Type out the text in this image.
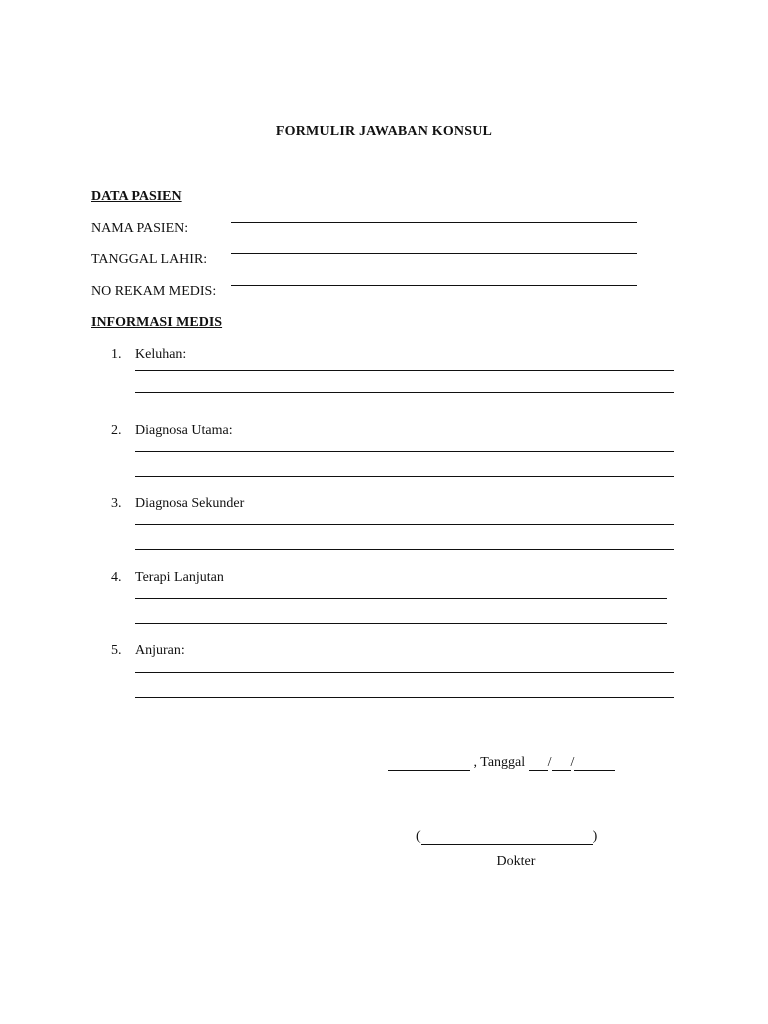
FORMULIR JAWABAN KONSUL
DATA PASIEN
NAMA PASIEN:
TANGGAL LAHIR:
NO REKAM MEDIS:
INFORMASI MEDIS
1. Keluhan:
2. Diagnosa Utama:
3. Diagnosa Sekunder
4. Terapi Lanjutan
5. Anjuran:
, Tanggal / /
(	)
Dokter
